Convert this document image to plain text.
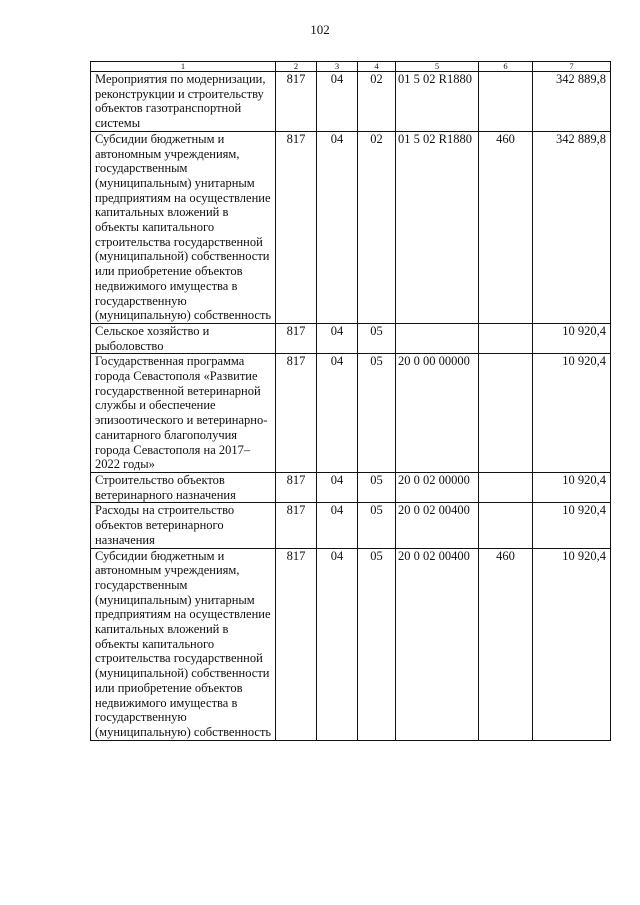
102
1	2	3	4	5	6	7
Мероприятия по модернизации, реконструкции и строительству объектов газотранспортной системы	817	04	02	01 5 02 R1880		342 889,8
Субсидии бюджетным и автономным учреждениям, государственным (муниципальным) унитарным предприятиям на осуществление капитальных вложений в объекты капитального строительства государственной (муниципальной) собственности или приобретение объектов недвижимого имущества в государственную (муниципальную) собственность	817	04	02	01 5 02 R1880	460	342 889,8
Сельское хозяйство и рыболовство	817	04	05			10 920,4
Государственная программа города Севастополя «Развитие государственной ветеринарной службы и обеспечение эпизоотического и ветеринарно-санитарного благополучия города Севастополя на 2017–2022 годы»	817	04	05	20 0 00 00000		10 920,4
Строительство объектов ветеринарного назначения	817	04	05	20 0 02 00000		10 920,4
Расходы на строительство объектов ветеринарного назначения	817	04	05	20 0 02 00400		10 920,4
Субсидии бюджетным и автономным учреждениям, государственным (муниципальным) унитарным предприятиям на осуществление капитальных вложений в объекты капитального строительства государственной (муниципальной) собственности или приобретение объектов недвижимого имущества в государственную (муниципальную) собственность	817	04	05	20 0 02 00400	460	10 920,4
